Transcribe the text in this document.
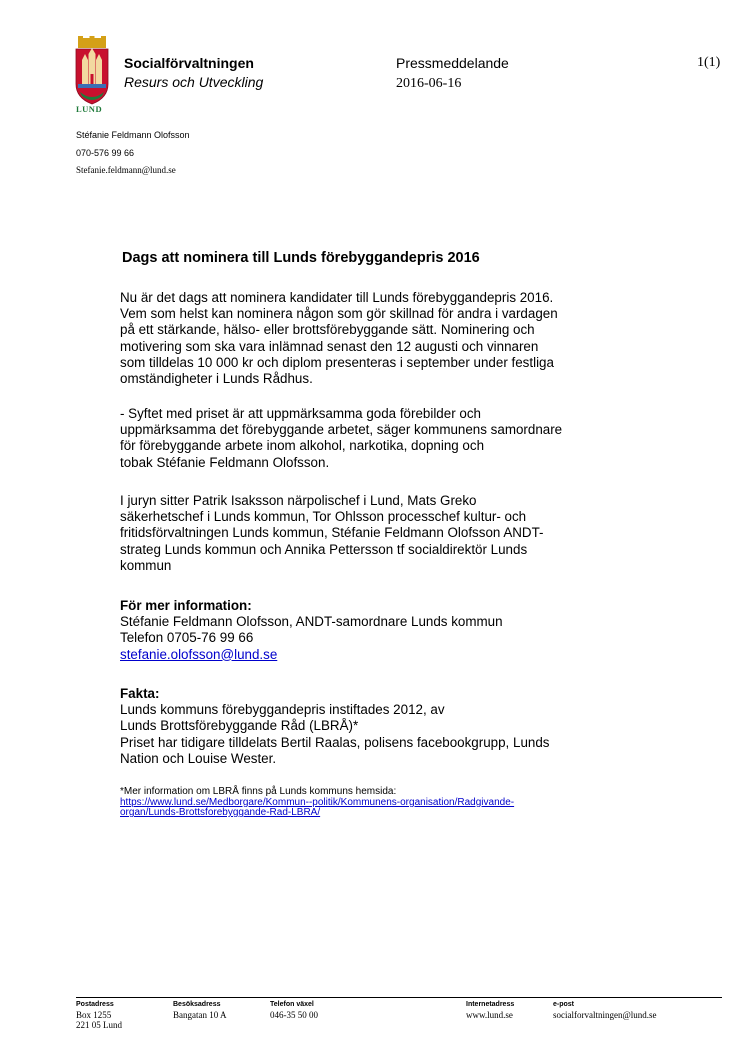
LUND
Socialförvaltningen
Resurs och Utveckling
Pressmeddelande
2016-06-16
1(1)
Stéfanie Feldmann Olofsson
070-576 99 66
Stefanie.feldmann@lund.se
Dags att nominera till Lunds förebyggandepris 2016

Nu är det dags att nominera kandidater till Lunds förebyggandepris 2016.
Vem som helst kan nominera någon som gör skillnad för andra i vardagen
på ett stärkande, hälso- eller brottsförebyggande sätt. Nominering och
motivering som ska vara inlämnad senast den 12 augusti och vinnaren
som tilldelas 10 000 kr och diplom presenteras i september under festliga
omständigheter i Lunds Rådhus.

- Syftet med priset är att uppmärksamma goda förebilder och
uppmärksamma det förebyggande arbetet, säger kommunens samordnare
för förebyggande arbete inom alkohol, narkotika, dopning och
tobak Stéfanie Feldmann Olofsson.

I juryn sitter Patrik Isaksson närpolischef i Lund, Mats Greko
säkerhetschef i Lunds kommun, Tor Ohlsson processchef kultur- och
fritidsförvaltningen Lunds kommun, Stéfanie Feldmann Olofsson ANDT-
strateg Lunds kommun och Annika Pettersson tf socialdirektör Lunds
kommun

För mer information:
Stéfanie Feldmann Olofsson, ANDT-samordnare Lunds kommun
Telefon 0705-76 99 66
stefanie.olofsson@lund.se

Fakta:
Lunds kommuns förebyggandepris instiftades 2012, av
Lunds Brottsförebyggande Råd (LBRÅ)*
Priset har tidigare tilldelats Bertil Raalas, polisens facebookgrupp, Lunds
Nation och Louise Wester.

*Mer information om LBRÅ finns på Lunds kommuns hemsida:
https://www.lund.se/Medborgare/Kommun--politik/Kommunens-organisation/Radgivande-
organ/Lunds-Brottsforebyggande-Rad-LBRA/

Postadress
Box 1255
221 05 Lund
Besöksadress
Bangatan 10 A
Telefon växel
046-35 50 00
Internetadress
www.lund.se
e-post
socialforvaltningen@lund.se
